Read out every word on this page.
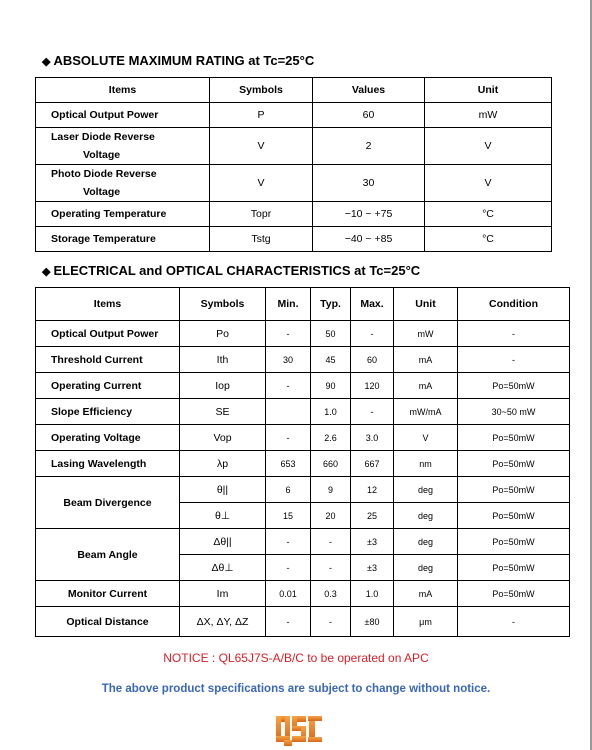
◆ ABSOLUTE MAXIMUM RATING at Tc=25°C
Items	Symbols	Values	Unit
Optical Output Power	P	60	mW

Laser Diode Reverse
Voltage	V	2	V

Photo Diode Reverse
Voltage	V	30	V
Operating Temperature	Topr	−10 ~ +75	°C
Storage Temperature	Tstg	−40 ~ +85	°C
◆ ELECTRICAL and OPTICAL CHARACTERISTICS at Tc=25°C
Items	Symbols	Min.	Typ.	Max.	Unit	Condition
Optical Output Power	Po	-	50	-	mW	-
Threshold Current	Ith	30	45	60	mA	-
Operating Current	Iop	-	90	120	mA	Po=50mW
Slope Efficiency	SE		1.0	-	mW/mA	30~50 mW
Operating Voltage	Vop	-	2.6	3.0	V	Po=50mW
Lasing Wavelength	λp	653	660	667	nm	Po=50mW
Beam Divergence	θ||	6	9	12	deg	Po=50mW
	θ⊥	15	20	25	deg	Po=50mW
Beam Angle	Δθ||	-	-	±3	deg	Po=50mW
	Δθ⊥	-	-	±3	deg	Po=50mW
Monitor Current	Im	0.01	0.3	1.0	mA	Po=50mW
Optical Distance	ΔX, ΔY, ΔZ	-	-	±80	μm	-
NOTICE : QL65J7S-A/B/C to be operated on APC
The above product specifications are subject to change without notice.
